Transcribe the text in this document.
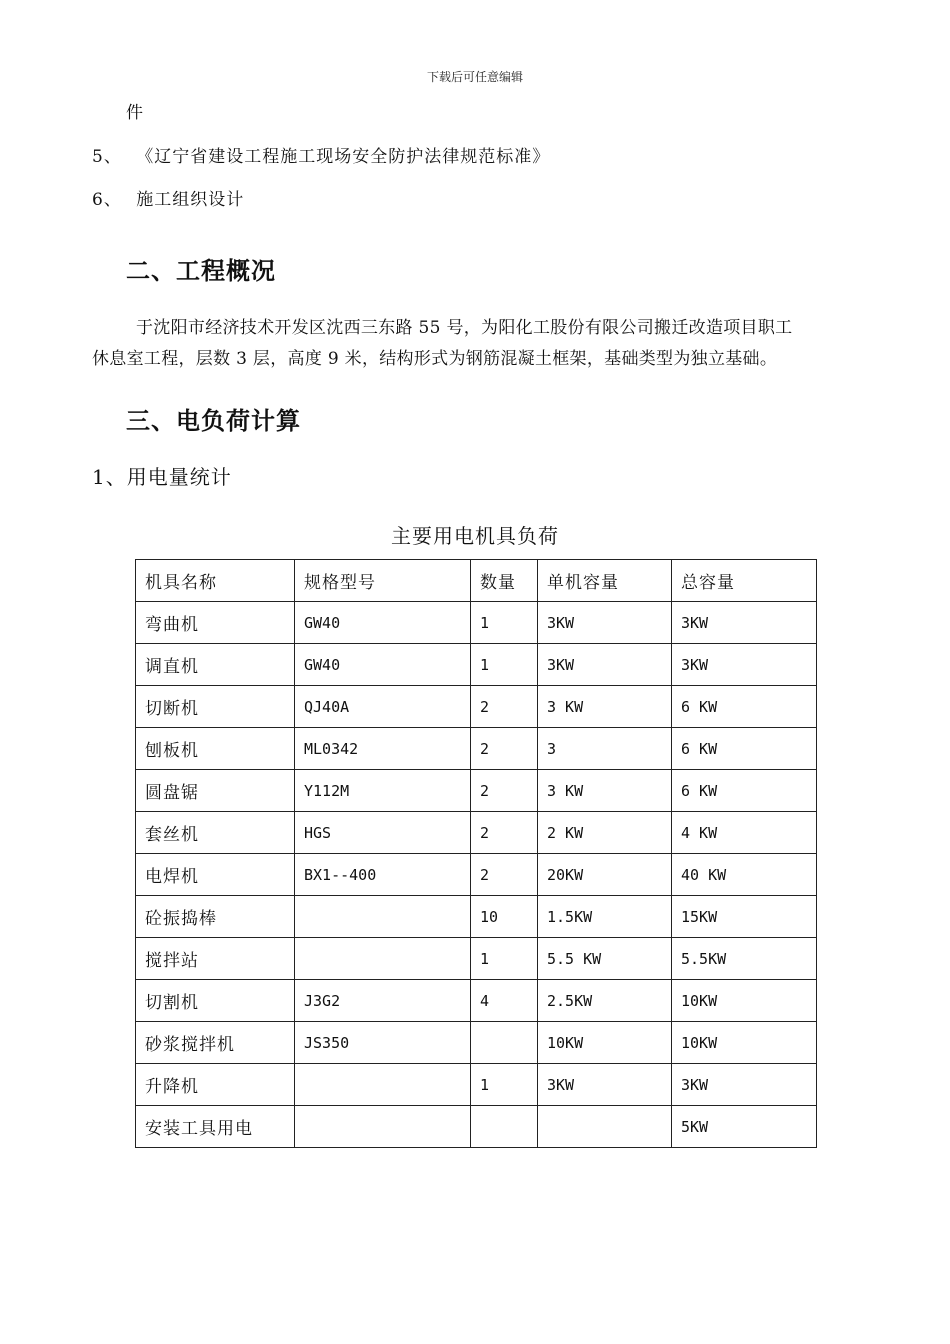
下载后可任意编辑
件
5、 《辽宁省建设工程施工现场安全防护法律规范标准》
6、 施工组织设计
二、工程概况
于沈阳市经济技术开发区沈西三东路 55 号，为阳化工股份有限公司搬迁改造项目职工
休息室工程，层数 3 层，高度 9 米，结构形式为钢筋混凝土框架，基础类型为独立基础。
三、电负荷计算
1、用电量统计
主要用电机具负荷
机具名称	规格型号	数量	单机容量	总容量
弯曲机	GW40	1	3KW	3KW
调直机	GW40	1	3KW	3KW
切断机	QJ40A	2	3 KW	6 KW
刨板机	ML0342	2	3	6 KW
圆盘锯	Y112M	2	3 KW	6 KW
套丝机	HGS	2	2 KW	4 KW
电焊机	BX1--400	2	20KW	40 KW
砼振捣棒		10	1.5KW	15KW
搅拌站		1	5.5 KW	5.5KW
切割机	J3G2	4	2.5KW	10KW
砂浆搅拌机	JS350		10KW	10KW
升降机		1	3KW	3KW
安装工具用电				5KW
